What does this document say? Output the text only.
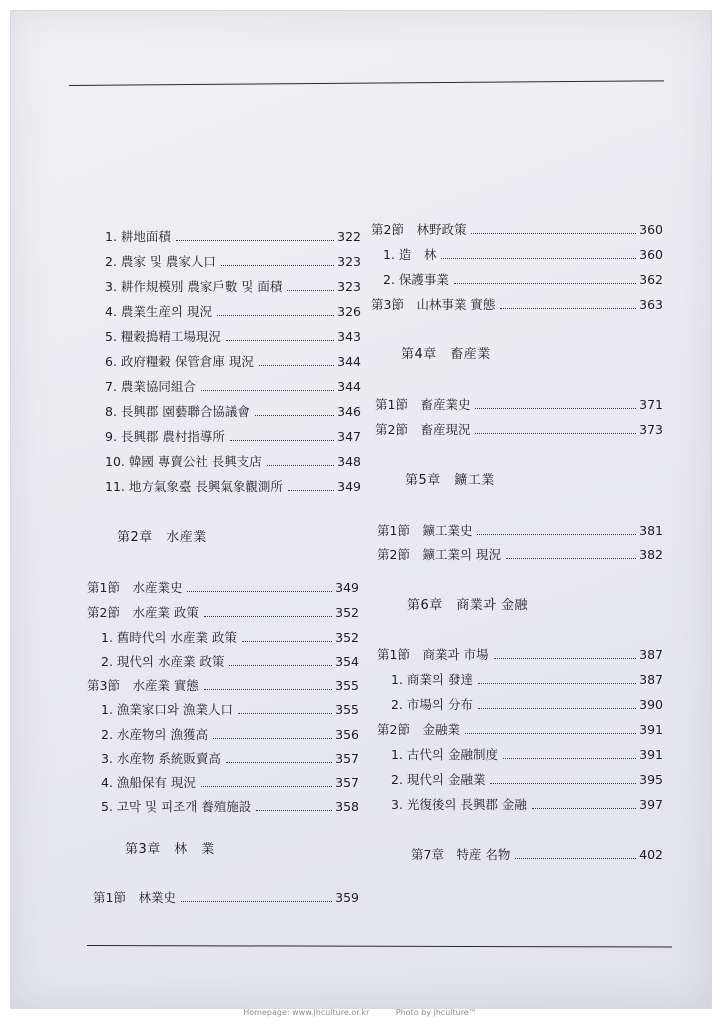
1. 耕地面積	322
2. 農家 및 農家人口	323
3. 耕作規模別 農家戶數 및 面積	323
4. 農業生産의 現況	326
5. 糧穀搗精工場現況	343
6. 政府糧穀 保管倉庫 現況	344
7. 農業協同組合	344
8. 長興郡 園藝聯合協議會	346
9. 長興郡 農村指導所	347
10. 韓國 專賣公社 長興支店	348
11. 地方氣象臺 長興氣象觀測所	349
第2章　水産業
第1節　水産業史	349
第2節　水産業 政策	352
1. 舊時代의 水産業 政策	352
2. 現代의 水産業 政策	354
第3節　水産業 實態	355
1. 漁業家口와 漁業人口	355
2. 水産物의 漁獲高	356
3. 水産物 系統販賣高	357
4. 漁船保有 現況	357
5. 고막 및 피조개 養殖施設	358
第3章　林　業
第1節　林業史	359
第2節　林野政策	360
1. 造　林	360
2. 保護事業	362
第3節　山林事業 實態	363
第4章　畜産業
第1節　畜産業史	371
第2節　畜産現況	373
第5章　鑛工業
第1節　鑛工業史	381
第2節　鑛工業의 現況	382
第6章　商業과 金融
第1節　商業과 市場	387
1. 商業의 發達	387
2. 市場의 分布	390
第2節　金融業	391
1. 古代의 金融制度	391
2. 現代의 金融業	395
3. 光復後의 長興郡 金融	397
第7章　特産 名物	402
Homepage: www.jhculture.or.kr	Photo by jhculture™
